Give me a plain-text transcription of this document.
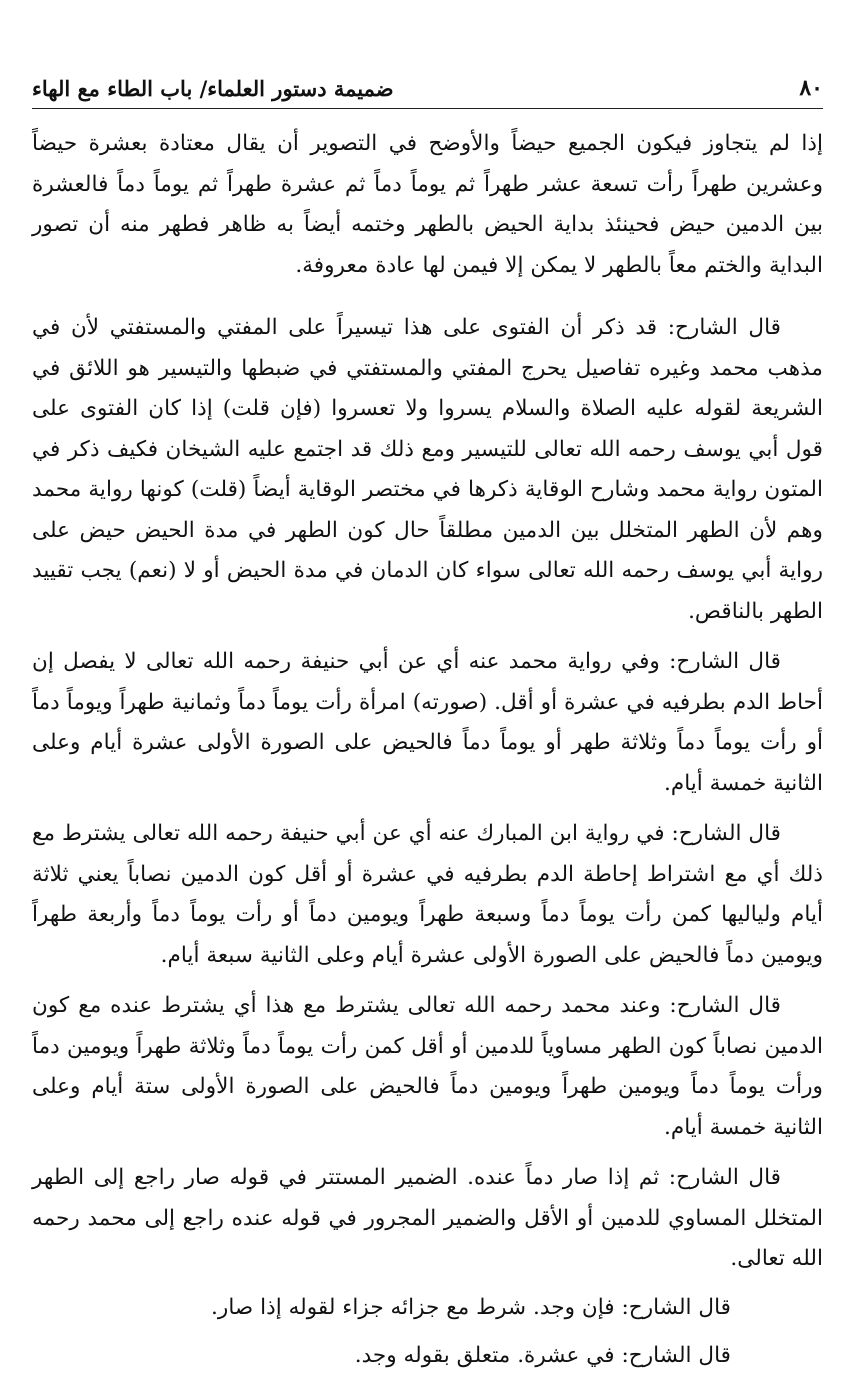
٨٠
ضميمة دستور العلماء/ باب الطاء مع الهاء

إذا لم يتجاوز فيكون الجميع حيضاً والأوضح في التصوير أن يقال معتادة بعشرة حيضاً وعشرين طهراً رأت تسعة عشر طهراً ثم يوماً دماً ثم عشرة طهراً ثم يوماً دماً فالعشرة بين الدمين حيض فحينئذ بداية الحيض بالطهر وختمه أيضاً به ظاهر فطهر منه أن تصور البداية والختم معاً بالطهر لا يمكن إلا فيمن لها عادة معروفة.

قال الشارح: قد ذكر أن الفتوى على هذا تيسيراً على المفتي والمستفتي لأن في مذهب محمد وغيره تفاصيل يحرج المفتي والمستفتي في ضبطها والتيسير هو اللائق في الشريعة لقوله عليه الصلاة والسلام يسروا ولا تعسروا (فإن قلت) إذا كان الفتوى على قول أبي يوسف رحمه الله تعالى للتيسير ومع ذلك قد اجتمع عليه الشيخان فكيف ذكر في المتون رواية محمد وشارح الوقاية ذكرها في مختصر الوقاية أيضاً (قلت) كونها رواية محمد وهم لأن الطهر المتخلل بين الدمين مطلقاً حال كون الطهر في مدة الحيض حيض على رواية أبي يوسف رحمه الله تعالى سواء كان الدمان في مدة الحيض أو لا (نعم) يجب تقييد الطهر بالناقص.

قال الشارح: وفي رواية محمد عنه أي عن أبي حنيفة رحمه الله تعالى لا يفصل إن أحاط الدم بطرفيه في عشرة أو أقل. (صورته) امرأة رأت يوماً دماً وثمانية طهراً ويوماً دماً أو رأت يوماً دماً وثلاثة طهر أو يوماً دماً فالحيض على الصورة الأولى عشرة أيام وعلى الثانية خمسة أيام.

قال الشارح: في رواية ابن المبارك عنه أي عن أبي حنيفة رحمه الله تعالى يشترط مع ذلك أي مع اشتراط إحاطة الدم بطرفيه في عشرة أو أقل كون الدمين نصاباً يعني ثلاثة أيام ولياليها كمن رأت يوماً دماً وسبعة طهراً ويومين دماً أو رأت يوماً دماً وأربعة طهراً ويومين دماً فالحيض على الصورة الأولى عشرة أيام وعلى الثانية سبعة أيام.

قال الشارح: وعند محمد رحمه الله تعالى يشترط مع هذا أي يشترط عنده مع كون الدمين نصاباً كون الطهر مساوياً للدمين أو أقل كمن رأت يوماً دماً وثلاثة طهراً ويومين دماً ورأت يوماً دماً ويومين طهراً ويومين دماً فالحيض على الصورة الأولى ستة أيام وعلى الثانية خمسة أيام.

قال الشارح: ثم إذا صار دماً عنده. الضمير المستتر في قوله صار راجع إلى الطهر المتخلل المساوي للدمين أو الأقل والضمير المجرور في قوله عنده راجع إلى محمد رحمه الله تعالى.

قال الشارح: فإن وجد. شرط مع جزائه جزاء لقوله إذا صار.

قال الشارح: في عشرة. متعلق بقوله وجد.
